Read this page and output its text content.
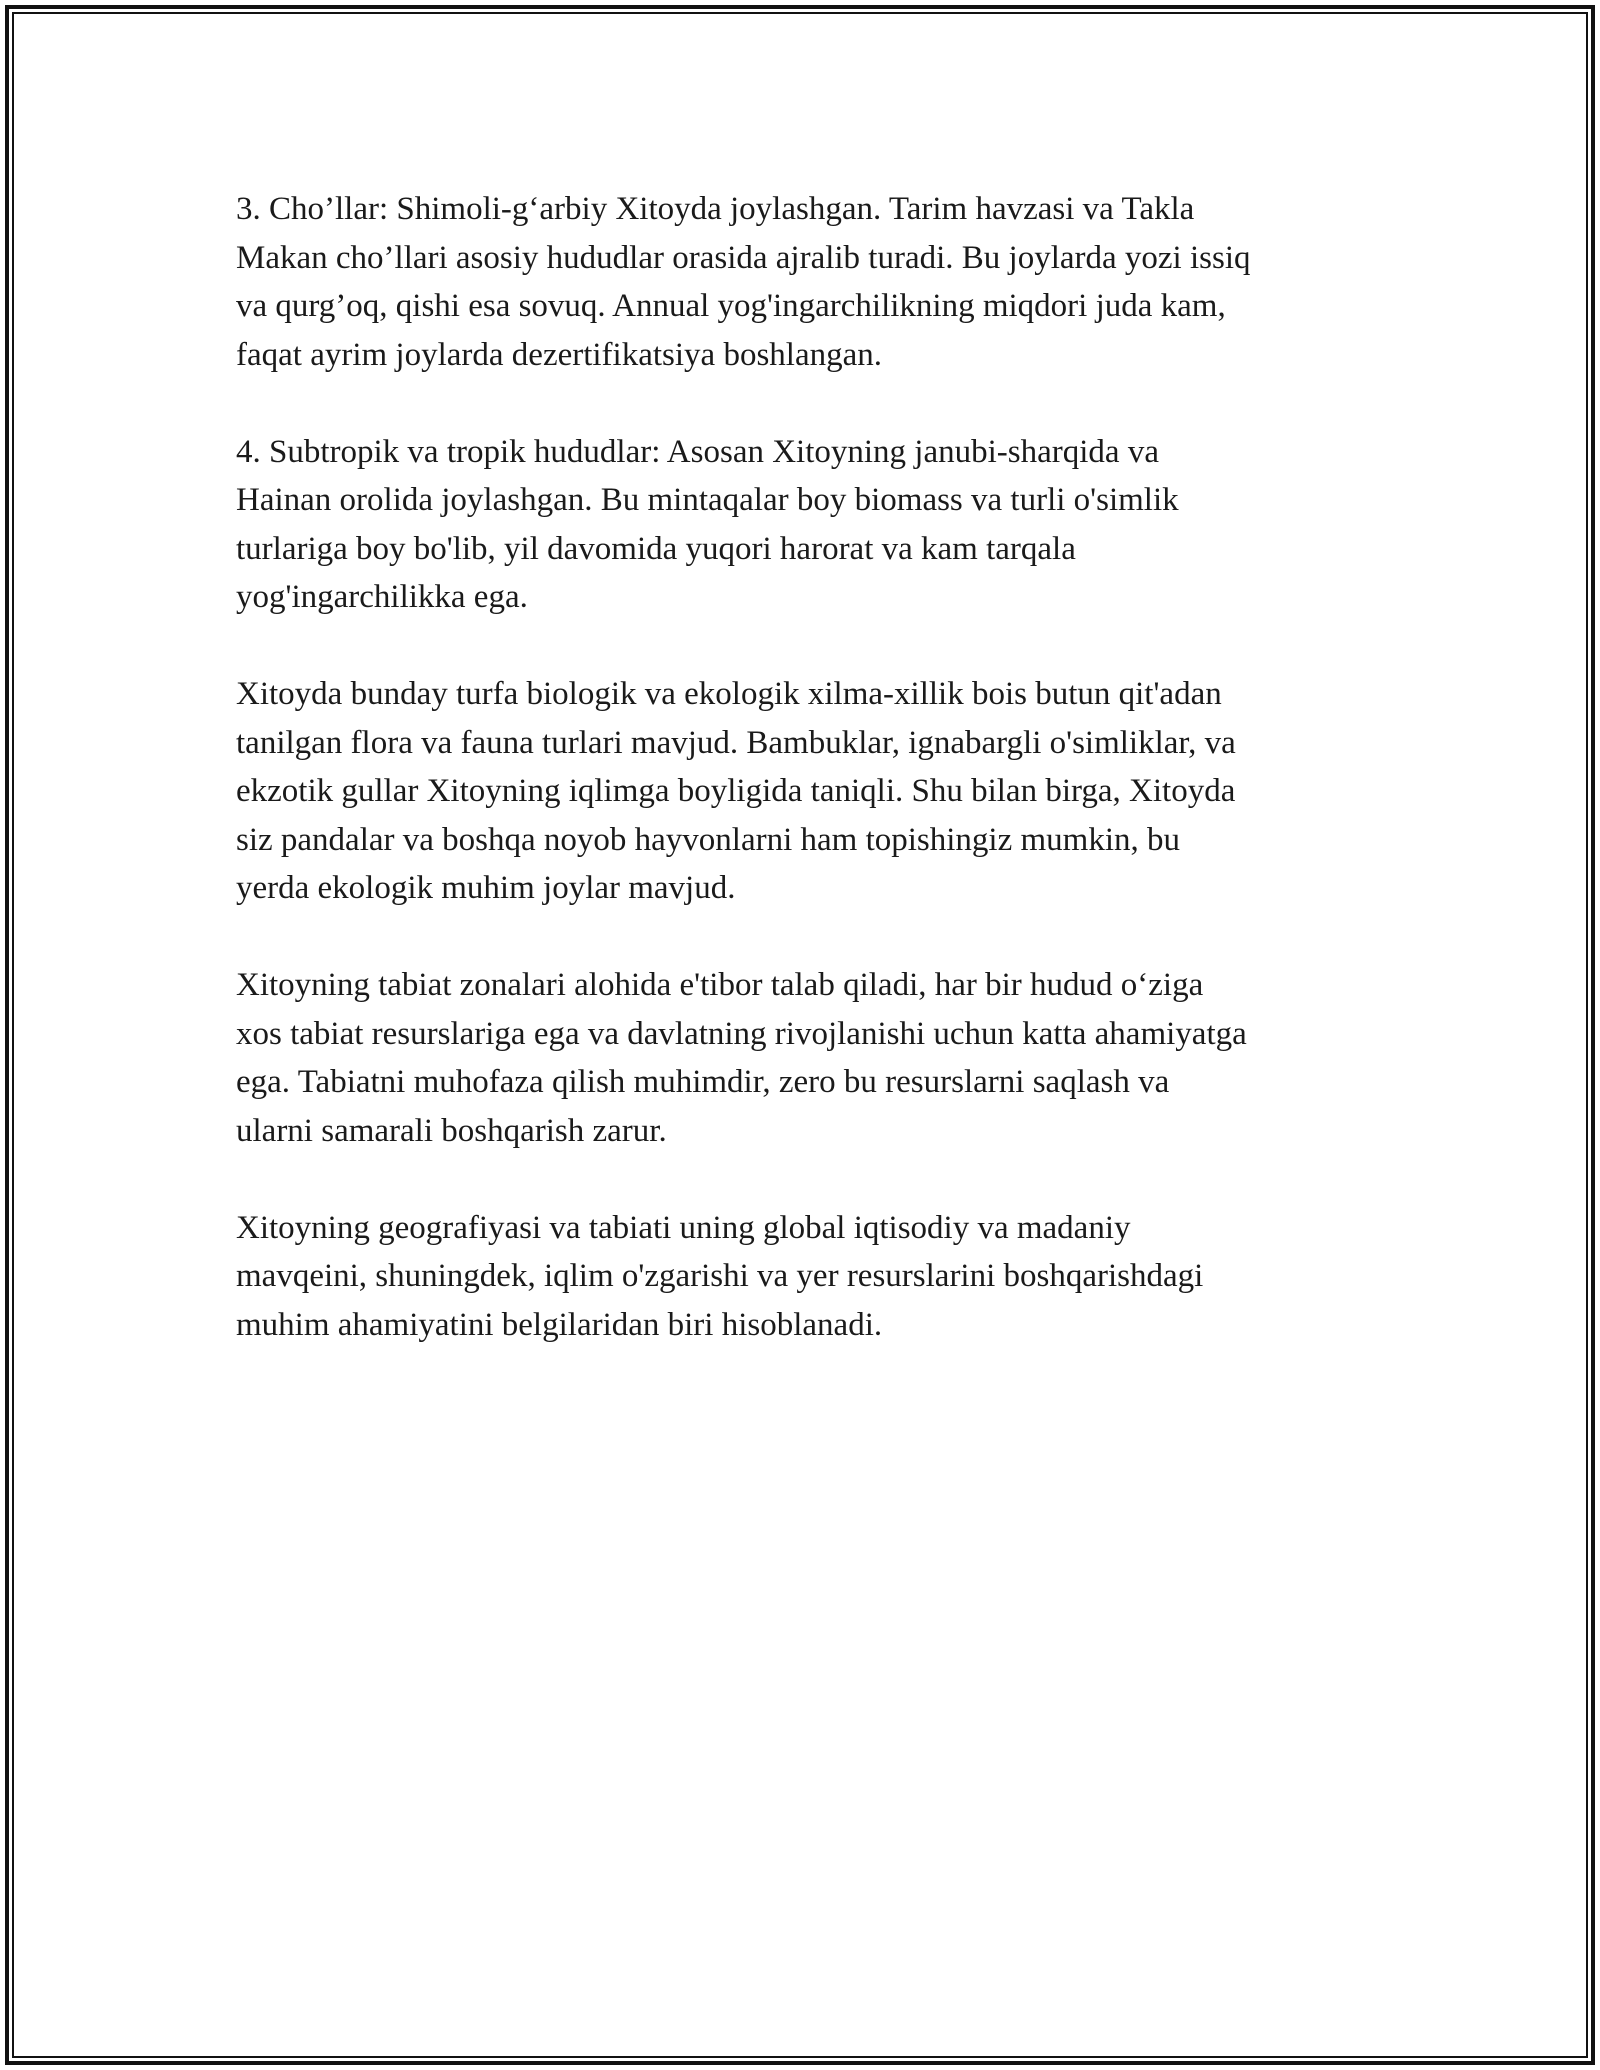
3. Cho’llar: Shimoli-g‘arbiy Xitoyda joylashgan. Tarim havzasi va Takla
Makan cho’llari asosiy hududlar orasida ajralib turadi. Bu joylarda yozi issiq
va qurg’oq, qishi esa sovuq. Annual yog'ingarchilikning miqdori juda kam,
faqat ayrim joylarda dezertifikatsiya boshlangan.

4. Subtropik va tropik hududlar: Asosan Xitoyning janubi-sharqida va
Hainan orolida joylashgan. Bu mintaqalar boy biomass va turli o'simlik
turlariga boy bo'lib, yil davomida yuqori harorat va kam tarqala
yog'ingarchilikka ega.

Xitoyda bunday turfa biologik va ekologik xilma-xillik bois butun qit'adan
tanilgan flora va fauna turlari mavjud. Bambuklar, ignabargli o'simliklar, va
ekzotik gullar Xitoyning iqlimga boyligida taniqli. Shu bilan birga, Xitoyda
siz pandalar va boshqa noyob hayvonlarni ham topishingiz mumkin, bu
yerda ekologik muhim joylar mavjud.

Xitoyning tabiat zonalari alohida e'tibor talab qiladi, har bir hudud o‘ziga
xos tabiat resurslariga ega va davlatning rivojlanishi uchun katta ahamiyatga
ega. Tabiatni muhofaza qilish muhimdir, zero bu resurslarni saqlash va
ularni samarali boshqarish zarur.

Xitoyning geografiyasi va tabiati uning global iqtisodiy va madaniy
mavqeini, shuningdek, iqlim o'zgarishi va yer resurslarini boshqarishdagi
muhim ahamiyatini belgilaridan biri hisoblanadi.
